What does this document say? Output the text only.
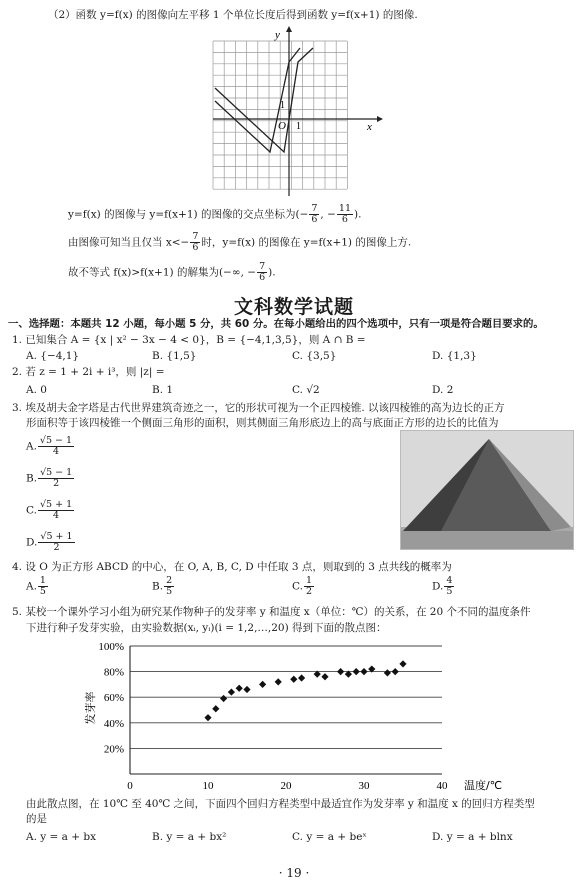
（2）函数 y=f(x) 的图像向左平移 1 个单位长度后得到函数 y=f(x+1) 的图像.
y
x
O 1
1
y=f(x) 的图像与 y=f(x+1) 的图像的交点坐标为(− $\frac{7}{6}$ , − $\frac{11}{6}$ ).
由图像可知当且仅当 $x<- \frac{7}{6}$ 时，y=f(x) 的图像在 y=f(x+1) 的图像上方.
故不等式 f(x)>f(x+1) 的解集为(−∞, − $\frac{7}{6}$ ).
文科数学试题
一、选择题：本题共 12 小题，每小题 5 分，共 60 分。在每小题给出的四个选项中，只有一项是符合题目要求的。
1. 已知集合 A = {x | x² − 3x − 4 < 0}，B = {−4,1,3,5}，则 A ∩ B =
A. {−4,1}	B. {1,5}	C. {3,5}	D. {1,3}
2. 若 z = 1 + 2i + i³，则 |z| =
A. 0	B. 1	C. √2	D. 2
3. 埃及胡夫金字塔是古代世界建筑奇迹之一，它的形状可视为一个正四棱锥. 以该四棱锥的高为边长的正方
形面积等于该四棱锥一个侧面三角形的面积，则其侧面三角形底边上的高与底面正方形的边长的比值为
A. $\frac{√5 - 1}{4}$
B. $\frac{√5 - 1}{2}$
C. $\frac{√5 + 1}{4}$
D. $\frac{√5 + 1}{2}$
4. 设 O 为正方形 ABCD 的中心，在 O, A, B, C, D 中任取 3 点，则取到的 3 点共线的概率为
A. $\frac{1}{5}$	B. $\frac{2}{5}$	C. $\frac{1}{2}$	D. $\frac{4}{5}$
5. 某校一个课外学习小组为研究某作物种子的发芽率 y 和温度 x（单位：℃）的关系，在 20 个不同的温度条件
下进行种子发芽实验，由实验数据(xᵢ, yᵢ)(i = 1,2,…,20) 得到下面的散点图：
20%
40%
60%
80%
100%
0	10	20	30	40 温度/℃
发芽率
由此散点图，在 10℃ 至 40℃ 之间，下面四个回归方程类型中最适宜作为发芽率 y 和温度 x 的回归方程类型
的是
A. y = a + bx	B. y = a + bx²	C. y = a + beˣ	D. y = a + blnx
· 19 ·
